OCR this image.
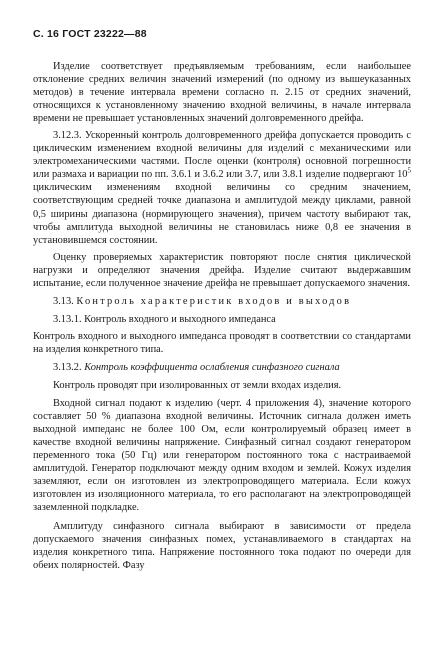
С. 16 ГОСТ 23222—88

Изделие соответствует предъявляемым требованиям, если наибольшее отклонение средних величин значений измерений (по одному из вышеуказанных методов) в течение интервала времени согласно п. 2.15 от средних значений, относящихся к установленному значению входной величины, в начале интервала времени не превышает установленных значений долговременного дрейфа.

3.12.3. Ускоренный контроль долговременного дрейфа допускается проводить с циклическим изменением входной величины для изделий с механическими или электромеханическими частями. После оценки (контроля) основной погрешности или размаха и вариации по пп. 3.6.1 и 3.6.2 или 3.7, или 3.8.1 изделие подвергают $10^5$ циклическим изменениям входной величины со средним значением, соответствующим средней точке диапазона и амплитудой между циклами, равной 0,5 ширины диапазона (нормирующего значения), причем частоту выбирают так, чтобы амплитуда выходной величины не становилась ниже 0,8 ее значения в установившемся состоянии.

Оценку проверяемых характеристик повторяют после снятия циклической нагрузки и определяют значения дрейфа. Изделие считают выдержавшим испытание, если полученное значение дрейфа не превышает допускаемого значения.

3.13. Контроль характеристик входов и выходов

3.13.1. Контроль входного и выходного импеданса

Контроль входного и выходного импеданса проводят в соответствии со стандартами на изделия конкретного типа.

3.13.2. Контроль коэффициента ослабления синфазного сигнала

Контроль проводят при изолированных от земли входах изделия.

Входной сигнал подают к изделию (черт. 4 приложения 4), значение которого составляет 50 % диапазона входной величины. Источник сигнала должен иметь выходной импеданс не более 100 Ом, если контролируемый образец имеет в качестве входной величины напряжение. Синфазный сигнал создают генератором переменного тока (50 Гц) или генератором постоянного тока с настраиваемой амплитудой. Генератор подключают между одним входом и землей. Кожух изделия заземляют, если он изготовлен из электропроводящего материала. Если кожух изготовлен из изоляционного материала, то его располагают на электропроводящей заземленной подкладке.

Амплитуду синфазного сигнала выбирают в зависимости от предела допускаемого значения синфазных помех, устанавливаемого в стандартах на изделия конкретного типа. Напряжение постоянного тока подают по очереди для обеих полярностей. Фазу
